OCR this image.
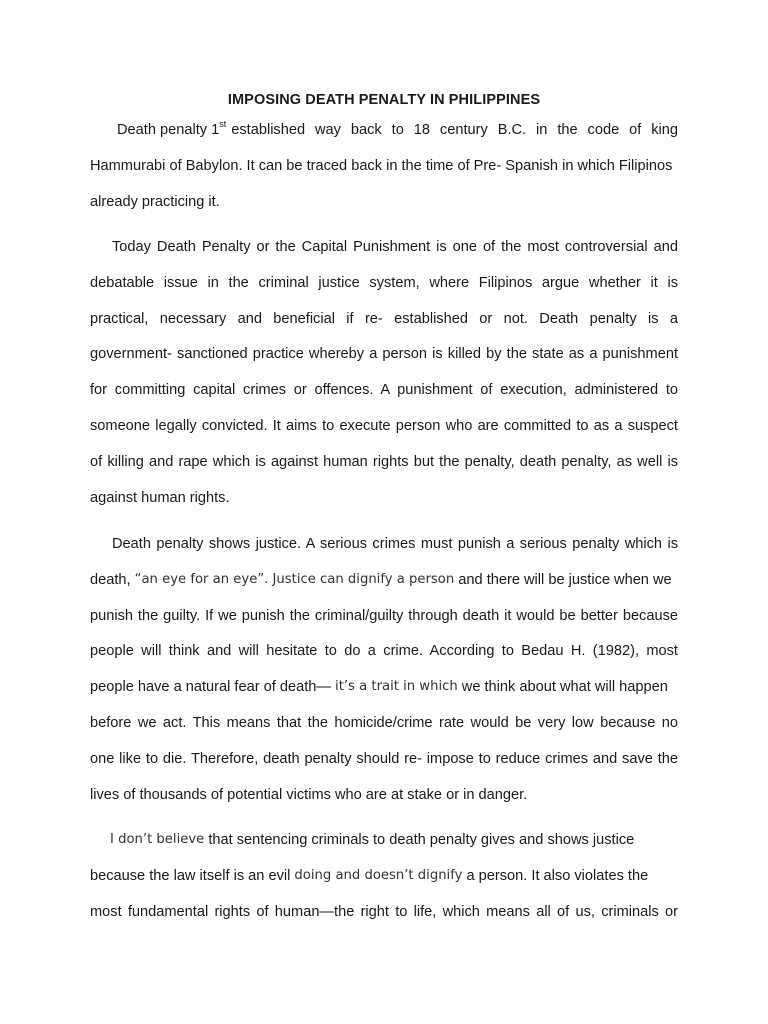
IMPOSING DEATH PENALTY IN PHILIPPINES
Death penalty 1st established way back to 18 century B.C. in the code of king
Hammurabi of Babylon. It can be traced back in the time of Pre- Spanish in which Filipinos
already practicing it.
Today Death Penalty or the Capital Punishment is one of the most controversial and
debatable issue in the criminal justice system, where Filipinos argue whether it is
practical, necessary and beneficial if re- established or not. Death penalty is a
government- sanctioned practice whereby a person is killed by the state as a punishment
for committing capital crimes or offences. A punishment of execution, administered to
someone legally convicted. It aims to execute person who are committed to as a suspect
of killing and rape which is against human rights but the penalty, death penalty, as well is
against human rights.
Death penalty shows justice. A serious crimes must punish a serious penalty which is
death, “an eye for an eye”. Justice can dignify a person and there will be justice when we
punish the guilty. If we punish the criminal/guilty through death it would be better because
people will think and will hesitate to do a crime. According to Bedau H. (1982), most
people have a natural fear of death— it’s a trait in which we think about what will happen
before we act. This means that the homicide/crime rate would be very low because no
one like to die. Therefore, death penalty should re- impose to reduce crimes and save the
lives of thousands of potential victims who are at stake or in danger.
I don’t believe that sentencing criminals to death penalty gives and shows justice
because the law itself is an evil doing and doesn’t dignify a person. It also violates the
most fundamental rights of human—the right to life, which means all of us, criminals or
